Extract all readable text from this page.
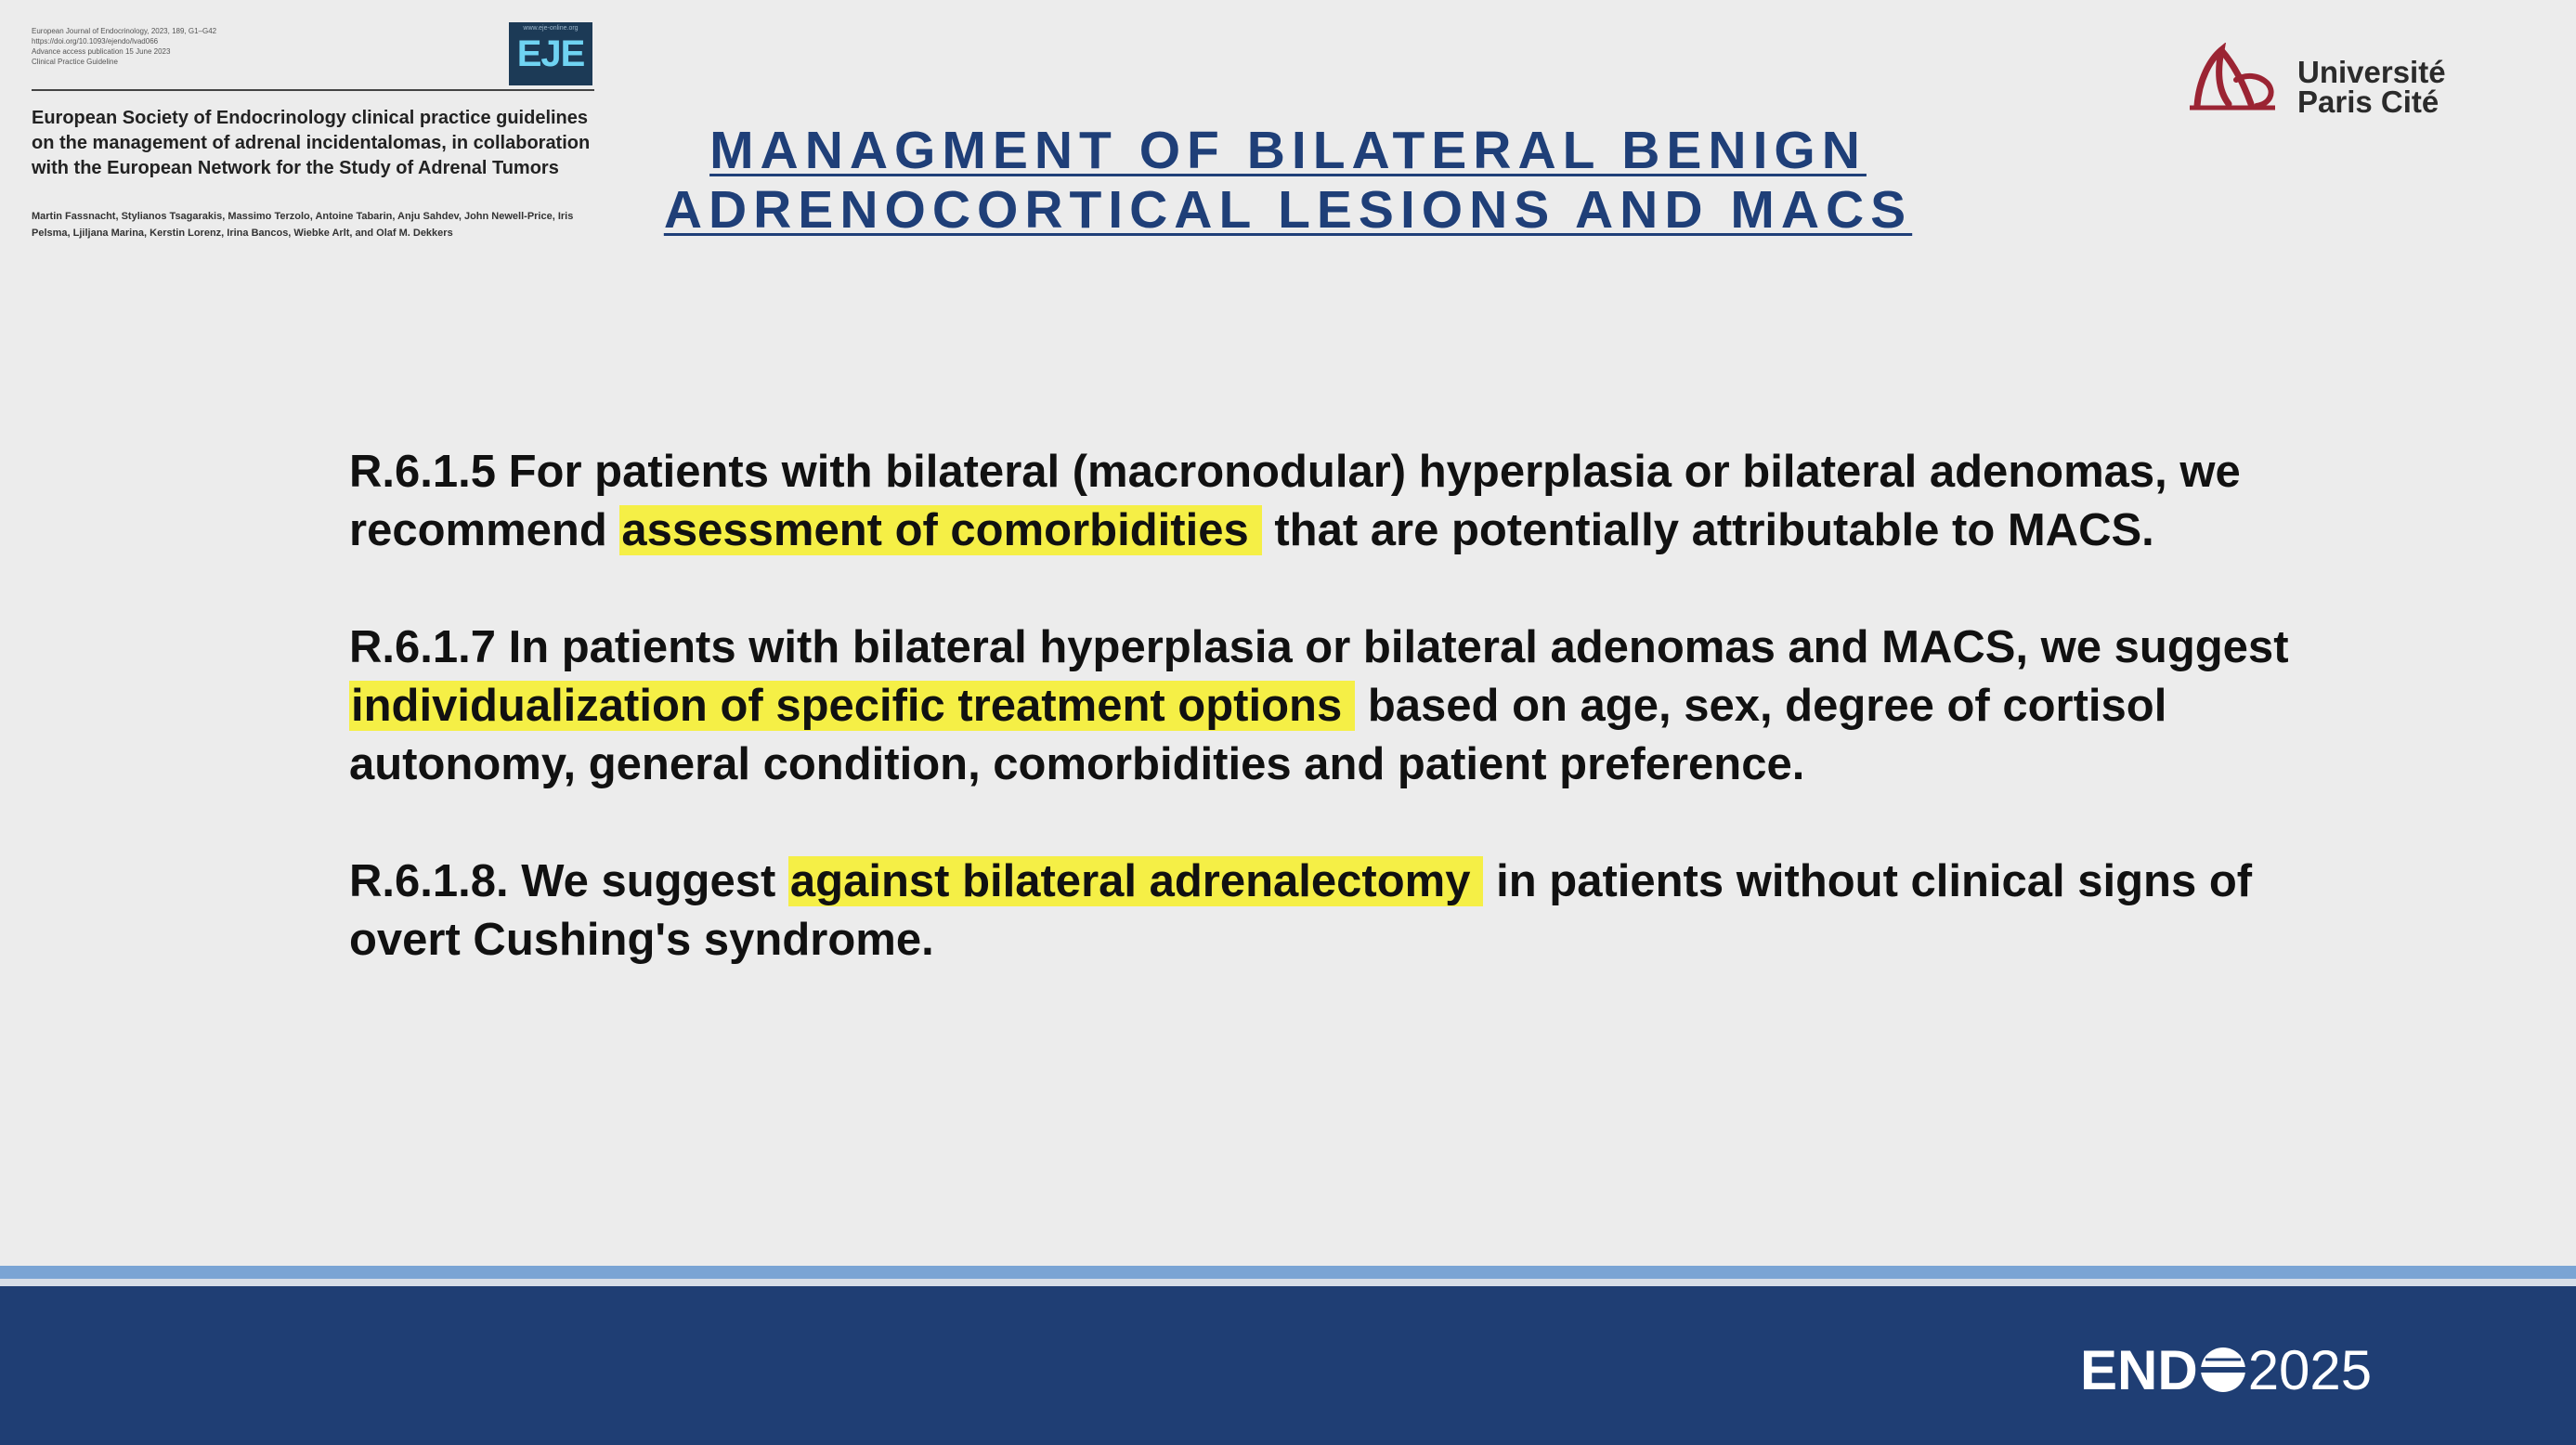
European Journal of Endocrinology, 2023, 189, G1–G42
https://doi.org/10.1093/ejendo/lvad066
Advance access publication 15 June 2023
Clinical Practice Guideline
European Society of Endocrinology clinical practice guidelines on the management of adrenal incidentalomas, in collaboration with the European Network for the Study of Adrenal Tumors
Martin Fassnacht, Stylianos Tsagarakis, Massimo Terzolo, Antoine Tabarin, Anju Sahdev, John Newell-Price, Iris Pelsma, Ljiljana Marina, Kerstin Lorenz, Irina Bancos, Wiebke Arlt, and Olaf M. Dekkers
www.eje-online.org
EJE	Université
Paris Cité
MANAGMENT OF BILATERAL BENIGN
ADRENOCORTICAL LESIONS AND MACS

R.6.1.5 For patients with bilateral (macronodular) hyperplasia or bilateral adenomas, we recommend assessment of comorbidities that are potentially attributable to MACS.

R.6.1.7 In patients with bilateral hyperplasia or bilateral adenomas and MACS, we suggest individualization of specific treatment options based on age, sex, degree of cortisol autonomy, general condition, comorbidities and patient preference.

R.6.1.8. We suggest against bilateral adrenalectomy in patients without clinical signs of overt Cushing's syndrome.

END 2025
